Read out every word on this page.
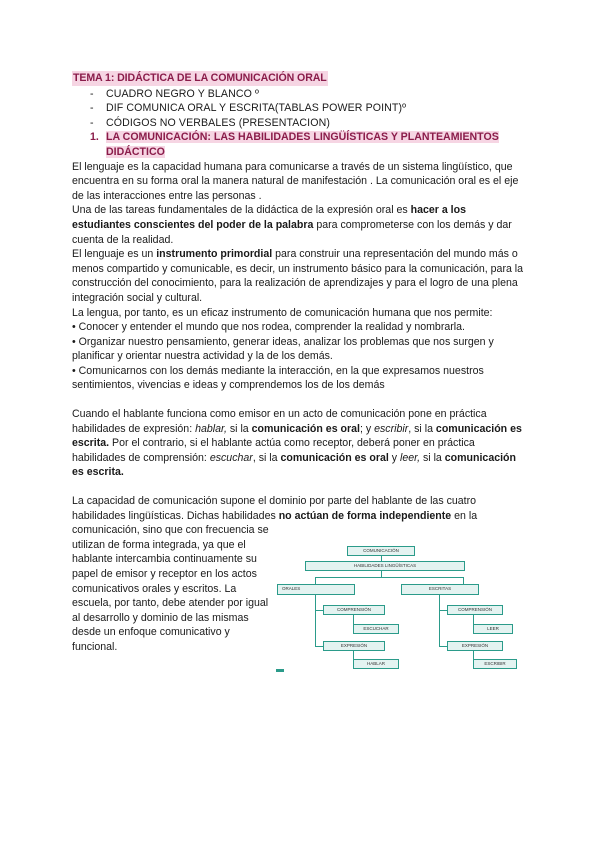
TEMA 1: DIDÁCTICA DE LA COMUNICACIÓN ORAL
- CUADRO NEGRO Y BLANCO º
- DIF COMUNICA ORAL Y ESCRITA(TABLAS POWER POINT)º
- CÓDIGOS NO VERBALES (PRESENTACION)
1. LA COMUNICACIÓN: LAS HABILIDADES LINGÜÍSTICAS Y PLANTEAMIENTOS DIDÁCTICO

El lenguaje es la capacidad humana para comunicarse a través de un sistema lingüístico, que encuentra en su forma oral la manera natural de manifestación . La comunicación oral es el eje de las interacciones entre las personas .

Una de las tareas fundamentales de la didáctica de la expresión oral es hacer a los estudiantes conscientes del poder de la palabra para comprometerse con los demás y dar cuenta de la realidad.

El lenguaje es un instrumento primordial para construir una representación del mundo más o menos compartido y comunicable, es decir, un instrumento básico para la comunicación, para la construcción del conocimiento, para la realización de aprendizajes y para el logro de una plena integración social y cultural.

La lengua, por tanto, es un eficaz instrumento de comunicación humana que nos permite:

• Conocer y entender el mundo que nos rodea, comprender la realidad y nombrarla.
• Organizar nuestro pensamiento, generar ideas, analizar los problemas que nos surgen y planificar y orientar nuestra actividad y la de los demás.
• Comunicarnos con los demás mediante la interacción, en la que expresamos nuestros sentimientos, vivencias e ideas y comprendemos los de los demás

Cuando el hablante funciona como emisor en un acto de comunicación pone en práctica habilidades de expresión: hablar, si la comunicación es oral; y escribir, si la comunicación es escrita. Por el contrario, si el hablante actúa como receptor, deberá poner en práctica habilidades de comprensión: escuchar, si la comunicación es oral y leer, si la comunicación es escrita.

La capacidad de comunicación supone el dominio por parte del hablante de las cuatro habilidades lingüísticas. Dichas habilidades no actúan de forma independiente en la

comunicación, sino que con frecuencia se utilizan de forma integrada, ya que el hablante intercambia continuamente su papel de emisor y receptor en los actos comunicativos orales y escritos. La escuela, por tanto, debe atender por igual al desarrollo y dominio de las mismas desde un enfoque comunicativo y funcional.

COMUNICACIÓN
HABILIDADES LINGÜÍSTICAS
ORALES	ESCRITAS
COMPRENSIÓN
ESCUCHAR
EXPRESIÓN
HABLAR
COMPRENSIÓN
LEER
EXPRESIÓN
ESCRIBIR
